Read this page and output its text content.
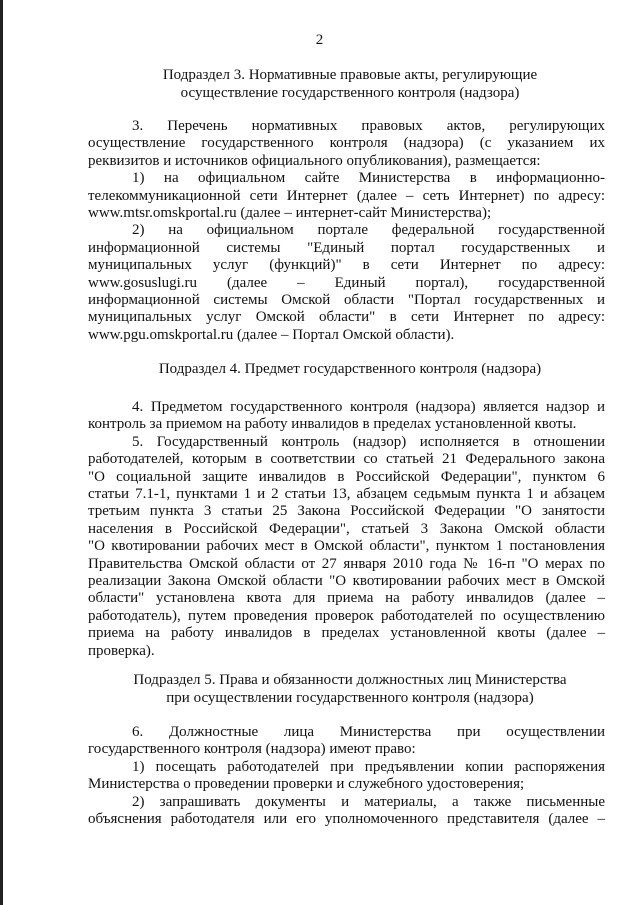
2
Подраздел 3. Нормативные правовые акты, регулирующие
осуществление государственного контроля (надзора)
3. Перечень нормативных правовых актов, регулирующих
осуществление государственного контроля (надзора) (с указанием их
реквизитов и источников официального опубликования), размещается:
1) на официальном сайте Министерства в информационно-
телекоммуникационной сети Интернет (далее – сеть Интернет) по адресу:
www.mtsr.omskportal.ru (далее – интернет-сайт Министерства);
2) на официальном портале федеральной государственной
информационной системы "Единый портал государственных и
муниципальных услуг (функций)" в сети Интернет по адресу:
www.gosuslugi.ru (далее – Единый портал), государственной
информационной системы Омской области "Портал государственных и
муниципальных услуг Омской области" в сети Интернет по адресу:
www.pgu.omskportal.ru (далее – Портал Омской области).
Подраздел 4. Предмет государственного контроля (надзора)
4. Предметом государственного контроля (надзора) является надзор и
контроль за приемом на работу инвалидов в пределах установленной квоты.
5. Государственный контроль (надзор) исполняется в отношении
работодателей, которым в соответствии со статьей 21 Федерального закона
"О социальной защите инвалидов в Российской Федерации", пунктом 6
статьи 7.1-1, пунктами 1 и 2 статьи 13, абзацем седьмым пункта 1 и абзацем
третьим пункта 3 статьи 25 Закона Российской Федерации "О занятости
населения в Российской Федерации", статьей 3 Закона Омской области
"О квотировании рабочих мест в Омской области", пунктом 1 постановления
Правительства Омской области от 27 января 2010 года № 16-п "О мерах по
реализации Закона Омской области "О квотировании рабочих мест в Омской
области" установлена квота для приема на работу инвалидов (далее –
работодатель), путем проведения проверок работодателей по осуществлению
приема на работу инвалидов в пределах установленной квоты (далее –
проверка).
Подраздел 5. Права и обязанности должностных лиц Министерства
при осуществлении государственного контроля (надзора)
6. Должностные лица Министерства при осуществлении
государственного контроля (надзора) имеют право:
1) посещать работодателей при предъявлении копии распоряжения
Министерства о проведении проверки и служебного удостоверения;
2) запрашивать документы и материалы, а также письменные
объяснения работодателя или его уполномоченного представителя (далее –
